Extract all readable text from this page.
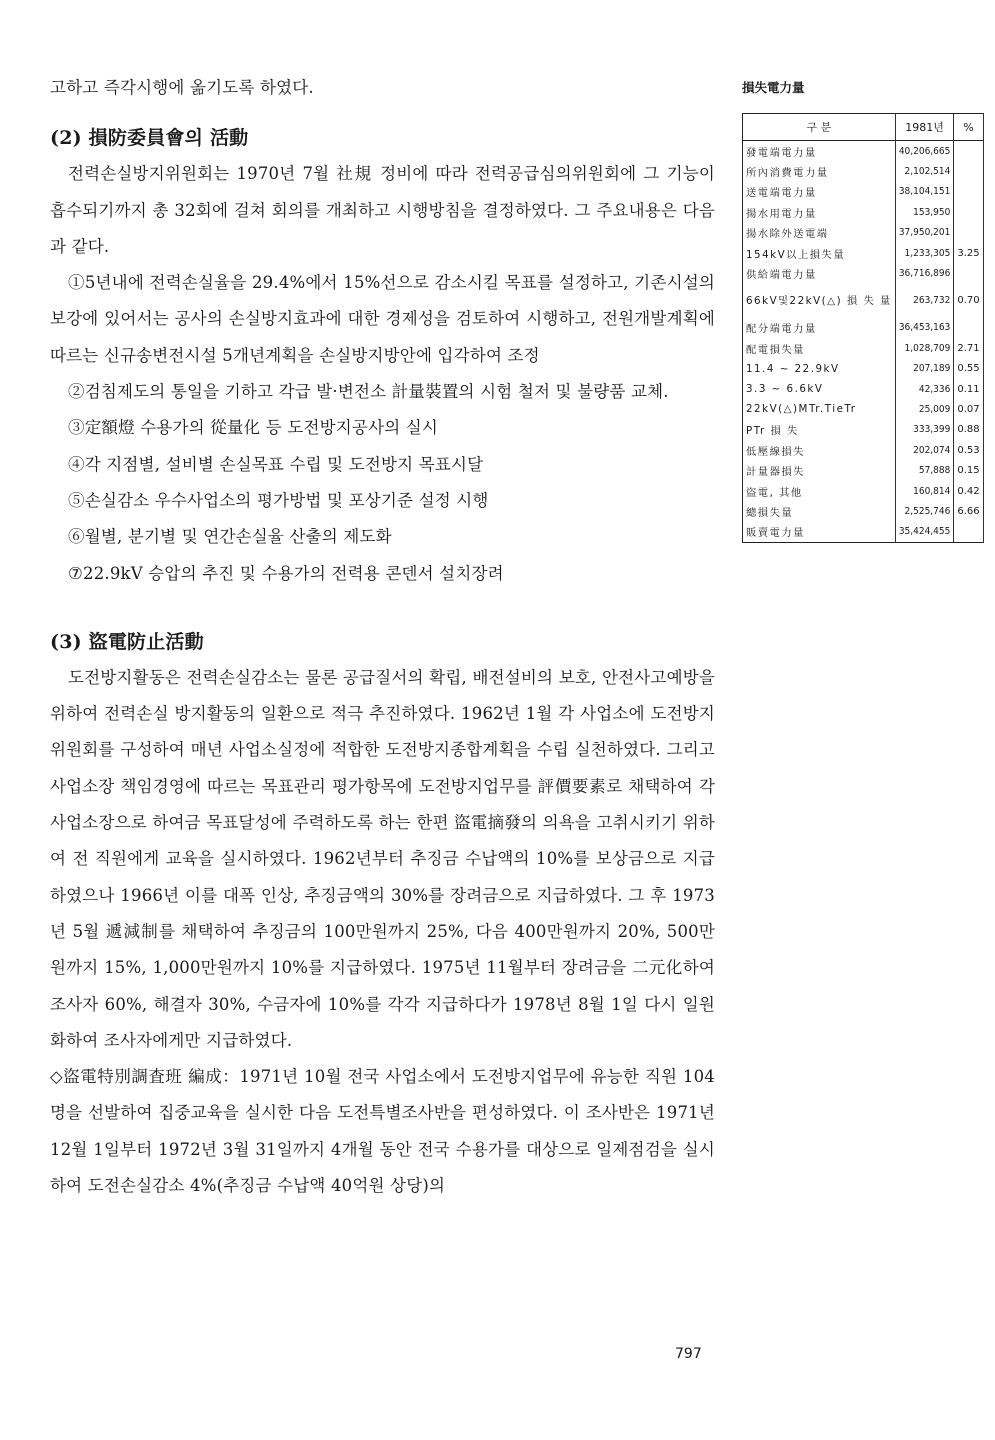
고하고 즉각시행에 옮기도록 하였다.

(2) 損防委員會의 活動

전력손실방지위원회는 1970년 7월 社規 정비에 따라 전력공급심의위원회에 그 기능이 흡수되기까지 총 32회에 걸쳐 회의를 개최하고 시행방침을 결정하였다. 그 주요내용은 다음과 같다.

①5년내에 전력손실율을 29.4%에서 15%선으로 감소시킬 목표를 설정하고, 기존시설의 보강에 있어서는 공사의 손실방지효과에 대한 경제성을 검토하여 시행하고, 전원개발계획에 따르는 신규송변전시설 5개년계획을 손실방지방안에 입각하여 조정

②검침제도의 통일을 기하고 각급 발·변전소 計量裝置의 시험 철저 및 불량품 교체.

③定額燈 수용가의 從量化 등 도전방지공사의 실시

④각 지점별, 설비별 손실목표 수립 및 도전방지 목표시달

⑤손실감소 우수사업소의 평가방법 및 포상기준 설정 시행

⑥월별, 분기별 및 연간손실율 산출의 제도화

⑦22.9kV 승압의 추진 및 수용가의 전력용 콘덴서 설치장려

(3) 盜電防止活動

도전방지활동은 전력손실감소는 물론 공급질서의 확립, 배전설비의 보호, 안전사고예방을 위하여 전력손실 방지활동의 일환으로 적극 추진하였다. 1962년 1월 각 사업소에 도전방지위원회를 구성하여 매년 사업소실정에 적합한 도전방지종합계획을 수립 실천하였다. 그리고 사업소장 책임경영에 따르는 목표관리 평가항목에 도전방지업무를 評價要素로 채택하여 각 사업소장으로 하여금 목표달성에 주력하도록 하는 한편 盜電摘發의 의욕을 고취시키기 위하여 전 직원에게 교육을 실시하였다. 1962년부터 추징금 수납액의 10%를 보상금으로 지급하였으나 1966년 이를 대폭 인상, 추징금액의 30%를 장려금으로 지급하였다. 그 후 1973년 5월 遞減制를 채택하여 추징금의 100만원까지 25%, 다음 400만원까지 20%, 500만원까지 15%, 1,000만원까지 10%를 지급하였다. 1975년 11월부터 장려금을 二元化하여 조사자 60%, 해결자 30%, 수금자에 10%를 각각 지급하다가 1978년 8월 1일 다시 일원화하여 조사자에게만 지급하였다.

◇盜電特別調査班 編成：1971년 10월 전국 사업소에서 도전방지업무에 유능한 직원 104명을 선발하여 집중교육을 실시한 다음 도전특별조사반을 편성하였다. 이 조사반은 1971년 12월 1일부터 1972년 3월 31일까지 4개월 동안 전국 수용가를 대상으로 일제점검을 실시하여 도전손실감소 4%(추징금 수납액 40억원 상당)의

損失電力量
구 분	1981년	%
發電端電力量	40,206,665	
所內消費電力量	2,102,514	
送電端電力量	38,104,151	
揚水用電力量	153,950	
揚水除外送電端	37,950,201	
154kV以上損失量	1,233,305	3.25
供給端電力量	36,716,896	
66kV및22kV(△) 損 失 量	263,732	0.70
配分端電力量	36,453,163	
配電損失量	1,028,709	2.71
11.4 ~ 22.9kV	207,189	0.55
3.3 ~ 6.6kV	42,336	0.11
22kV(△)MTr.TieTr	25,009	0.07
PTr 損 失	333,399	0.88
低壓線損失	202,074	0.53
計量器損失	57,888	0.15
盜電, 其他	160,814	0.42
總損失量	2,525,746	6.66
販賣電力量	35,424,455	
797
